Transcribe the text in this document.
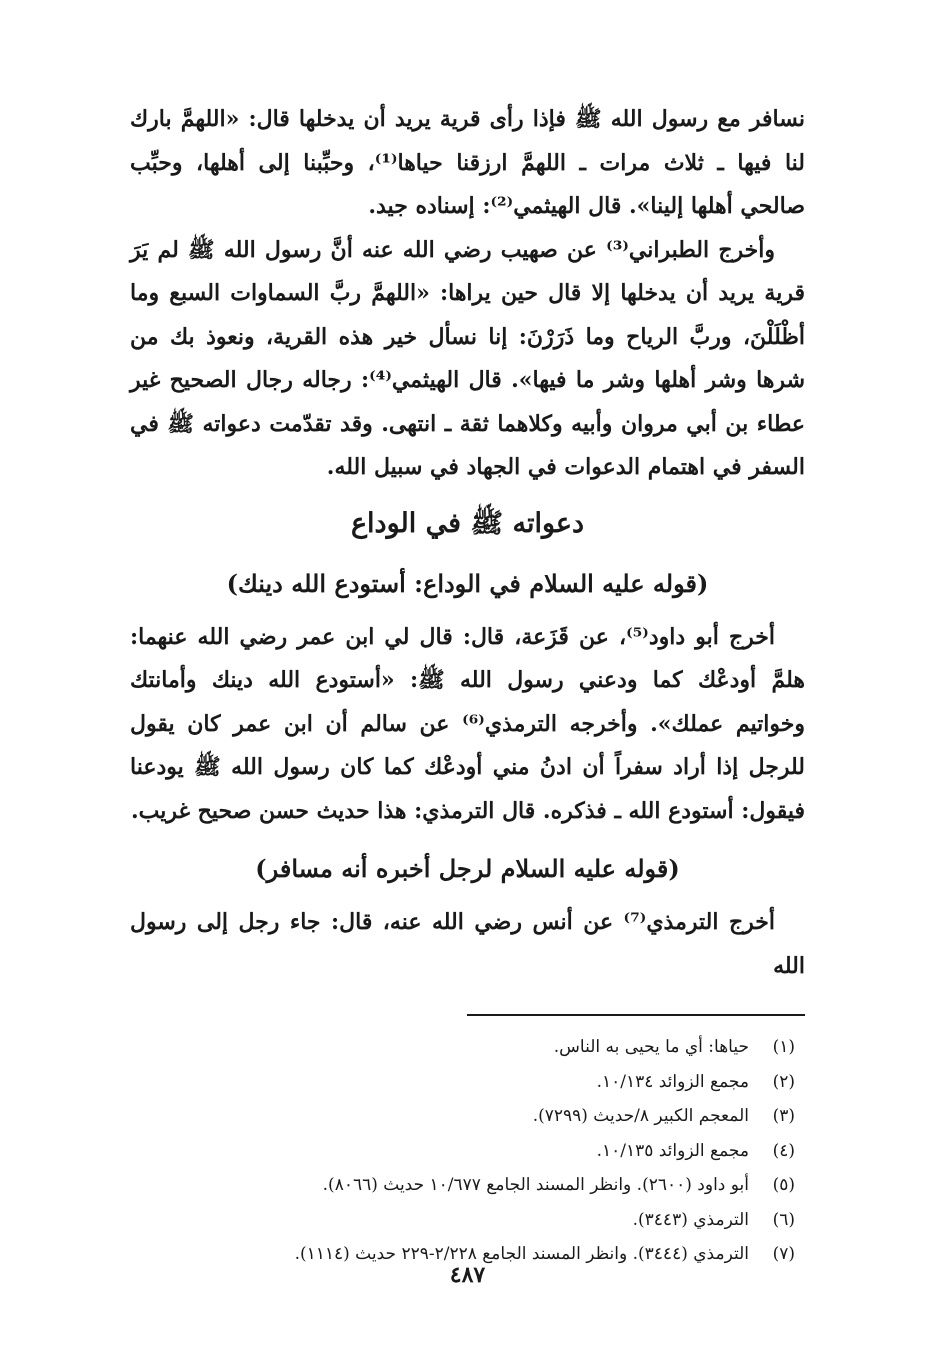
نسافر مع رسول الله ﷺ فإذا رأى قرية يريد أن يدخلها قال: «اللهمَّ بارك لنا فيها ـ ثلاث مرات ـ اللهمَّ ارزقنا حياها⁽¹⁾، وحبِّبنا إلى أهلها، وحبِّب صالحي أهلها إلينا». قال الهيثمي⁽²⁾: إسناده جيد.

وأخرج الطبراني⁽³⁾ عن صهيب رضي الله عنه أنَّ رسول الله ﷺ لم يَرَ قرية يريد أن يدخلها إلا قال حين يراها: «اللهمَّ ربَّ السماوات السبع وما أظْلَلْنَ، وربَّ الرياح وما ذَرَرْنَ: إنا نسأل خير هذه القرية، ونعوذ بك من شرها وشر أهلها وشر ما فيها». قال الهيثمي⁽⁴⁾: رجاله رجال الصحيح غير عطاء بن أبي مروان وأبيه وكلاهما ثقة ـ انتهى. وقد تقدّمت دعواته ﷺ في السفر في اهتمام الدعوات في الجهاد في سبيل الله.

دعواته ﷺ في الوداع
(قوله عليه السلام في الوداع: أستودع الله دينك)

أخرج أبو داود⁽⁵⁾، عن قَزَعة، قال: قال لي ابن عمر رضي الله عنهما: هلمَّ أودعْك كما ودعني رسول الله ﷺ: «أستودع الله دينك وأمانتك وخواتيم عملك». وأخرجه الترمذي⁽⁶⁾ عن سالم أن ابن عمر كان يقول للرجل إذا أراد سفراً أن ادنُ مني أودعْك كما كان رسول الله ﷺ يودعنا فيقول: أستودع الله ـ فذكره. قال الترمذي: هذا حديث حسن صحيح غريب.

(قوله عليه السلام لرجل أخبره أنه مسافر)

أخرج الترمذي⁽⁷⁾ عن أنس رضي الله عنه، قال: جاء رجل إلى رسول الله

(١)
حياها: أي ما يحيى به الناس.
(٢)
مجمع الزوائد ١٠/١٣٤.
(٣)
المعجم الكبير ٨/حديث (٧٢٩٩).
(٤)
مجمع الزوائد ١٠/١٣٥.
(٥)
أبو داود (٢٦٠٠). وانظر المسند الجامع ١٠/٦٧٧ حديث (٨٠٦٦).
(٦)
الترمذي (٣٤٤٣).
(٧)
الترمذي (٣٤٤٤). وانظر المسند الجامع ٢/٢٢٨-٢٢٩ حديث (١١١٤).
٤٨٧
